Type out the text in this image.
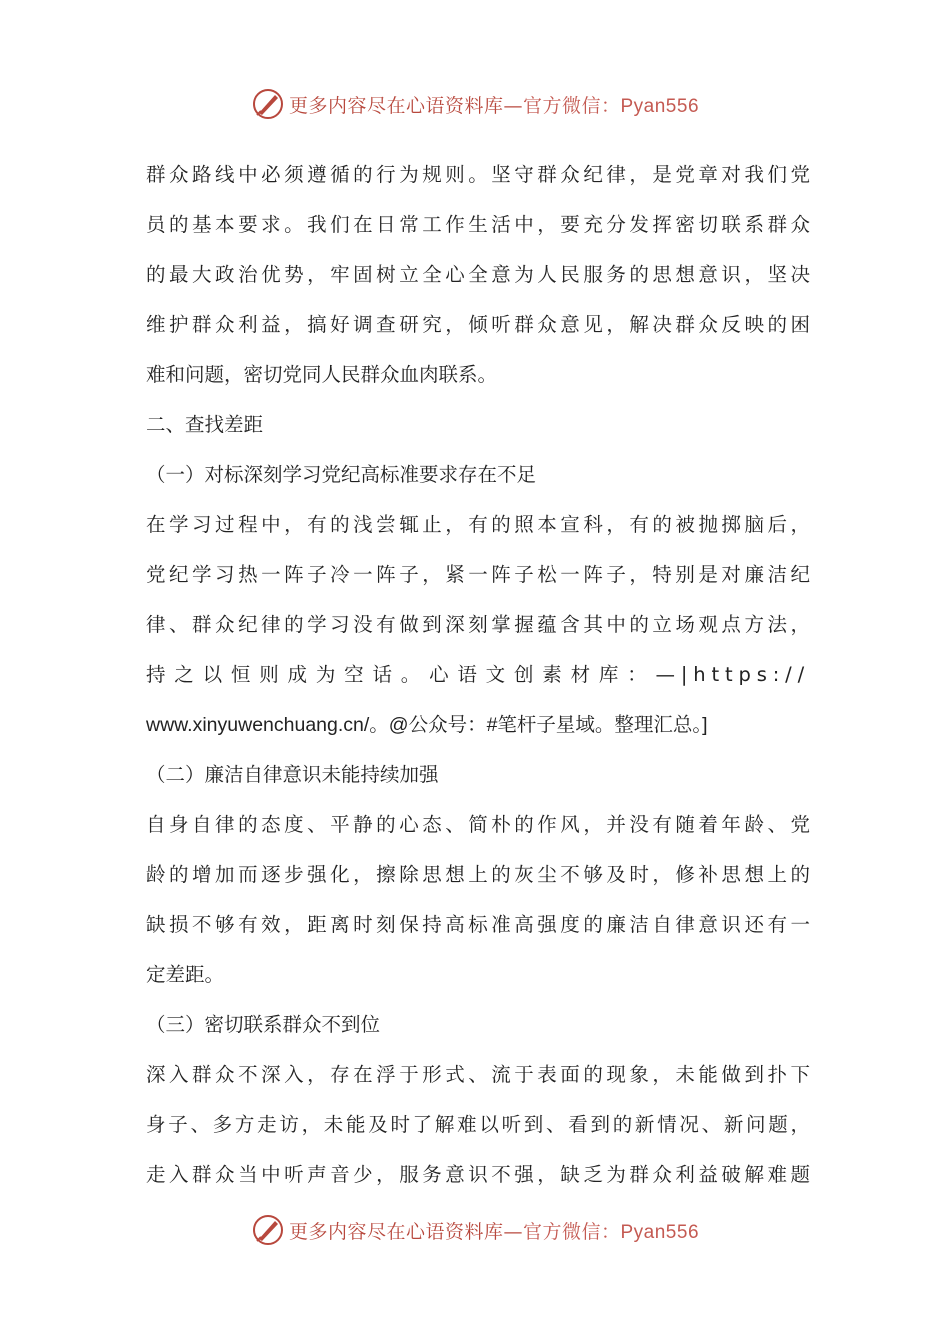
更多内容尽在心语资料库—官方微信：Pyan556
群众路线中必须遵循的行为规则。坚守群众纪律，是党章对我们党
员的基本要求。我们在日常工作生活中，要充分发挥密切联系群众
的最大政治优势，牢固树立全心全意为人民服务的思想意识，坚决
维护群众利益，搞好调查研究，倾听群众意见，解决群众反映的困
难和问题，密切党同人民群众血肉联系。
二、查找差距
（一）对标深刻学习党纪高标准要求存在不足
在学习过程中，有的浅尝辄止，有的照本宣科，有的被抛掷脑后，
党纪学习热一阵子冷一阵子，紧一阵子松一阵子，特别是对廉洁纪
律、群众纪律的学习没有做到深刻掌握蕴含其中的立场观点方法，
持之以恒则成为空话。心语文创素材库：—|https://
www.xinyuwenchuang.cn/。@公众号：#笔杆子星域。整理汇总。]
（二）廉洁自律意识未能持续加强
自身自律的态度、平静的心态、简朴的作风，并没有随着年龄、党
龄的增加而逐步强化，擦除思想上的灰尘不够及时，修补思想上的
缺损不够有效，距离时刻保持高标准高强度的廉洁自律意识还有一
定差距。
（三）密切联系群众不到位
深入群众不深入，存在浮于形式、流于表面的现象，未能做到扑下
身子、多方走访，未能及时了解难以听到、看到的新情况、新问题，
走入群众当中听声音少，服务意识不强，缺乏为群众利益破解难题
更多内容尽在心语资料库—官方微信：Pyan556
